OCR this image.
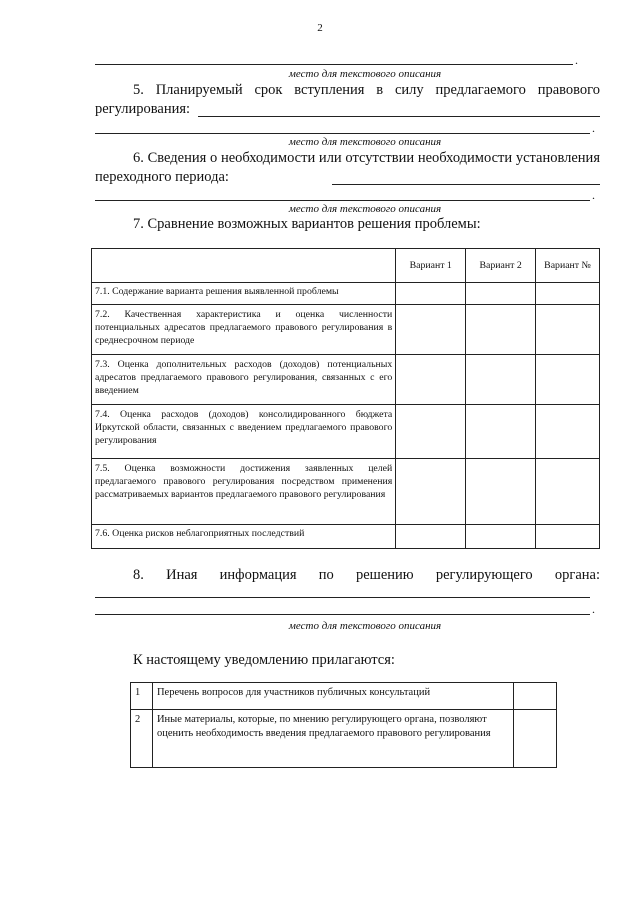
2
.
место для текстового описания
5. Планируемый срок вступления в силу предлагаемого правового регулирования:
.
место для текстового описания
6. Сведения о необходимости или отсутствии необходимости установления переходного периода:
.
место для текстового описания
7. Сравнение возможных вариантов решения проблемы:
	Вариант 1	Вариант 2	Вариант №
7.1. Содержание варианта решения выявленной проблемы			
7.2. Качественная характеристика и оценка численности потенциальных адресатов предлагаемого правового регулирования в среднесрочном периоде			
7.3. Оценка дополнительных расходов (доходов) потенциальных адресатов предлагаемого правового регулирования, связанных с его введением			
7.4. Оценка расходов (доходов) консолидированного бюджета Иркутской области, связанных с введением предлагаемого правового регулирования			
7.5. Оценка возможности достижения заявленных целей предлагаемого правового регулирования посредством применения рассматриваемых вариантов предлагаемого правового регулирования			
7.6. Оценка рисков неблагоприятных последствий			
8. Иная информация по решению регулирующего органа:
.
место для текстового описания
К настоящему уведомлению прилагаются:
1	Перечень вопросов для участников публичных консультаций	
2	Иные материалы, которые, по мнению регулирующего органа, позволяют оценить необходимость введения предлагаемого правового регулирования	
